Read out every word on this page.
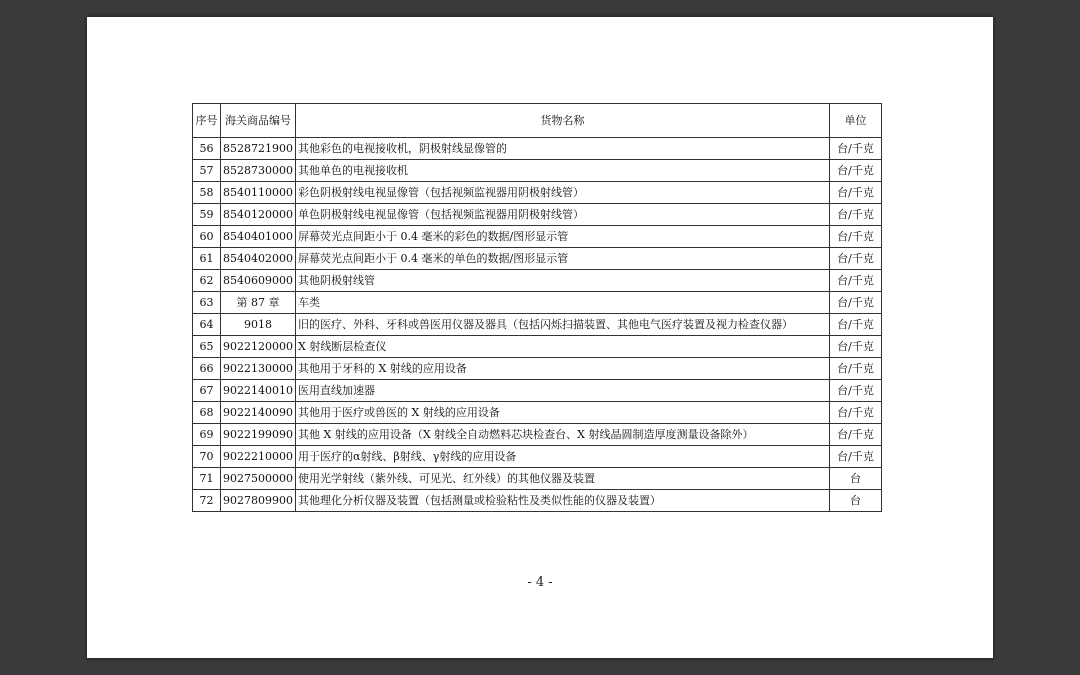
序号	海关商品编号	货物名称	单位
56	8528721900	其他彩色的电视接收机，阴极射线显像管的	台/千克
57	8528730000	其他单色的电视接收机	台/千克
58	8540110000	彩色阴极射线电视显像管（包括视频监视器用阴极射线管）	台/千克
59	8540120000	单色阴极射线电视显像管（包括视频监视器用阴极射线管）	台/千克
60	8540401000	屏幕荧光点间距小于 0.4 毫米的彩色的数据/图形显示管	台/千克
61	8540402000	屏幕荧光点间距小于 0.4 毫米的单色的数据/图形显示管	台/千克
62	8540609000	其他阴极射线管	台/千克
63	第 87 章	车类	台/千克
64	9018	旧的医疗、外科、牙科或兽医用仪器及器具（包括闪烁扫描装置、其他电气医疗装置及视力检查仪器）	台/千克
65	9022120000	X 射线断层检查仪	台/千克
66	9022130000	其他用于牙科的 X 射线的应用设备	台/千克
67	9022140010	医用直线加速器	台/千克
68	9022140090	其他用于医疗或兽医的 X 射线的应用设备	台/千克
69	9022199090	其他 X 射线的应用设备（X 射线全自动燃料芯块检查台、X 射线晶圆制造厚度测量设备除外）	台/千克
70	9022210000	用于医疗的α射线、β射线、γ射线的应用设备	台/千克
71	9027500000	使用光学射线（紫外线、可见光、红外线）的其他仪器及装置	台
72	9027809900	其他理化分析仪器及装置（包括测量或检验粘性及类似性能的仪器及装置）	台
- 4 -
